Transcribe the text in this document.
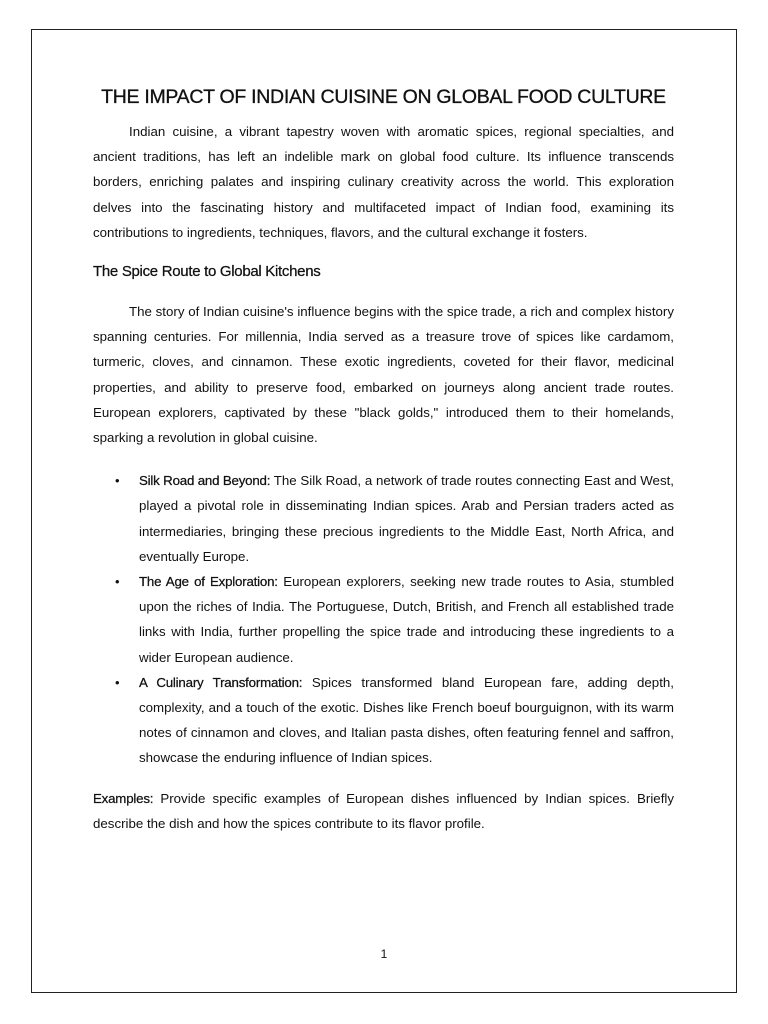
THE IMPACT OF INDIAN CUISINE ON GLOBAL FOOD CULTURE

Indian cuisine, a vibrant tapestry woven with aromatic spices, regional specialties, and ancient traditions, has left an indelible mark on global food culture. Its influence transcends borders, enriching palates and inspiring culinary creativity across the world. This exploration delves into the fascinating history and multifaceted impact of Indian food, examining its contributions to ingredients, techniques, flavors, and the cultural exchange it fosters.

The Spice Route to Global Kitchens

The story of Indian cuisine's influence begins with the spice trade, a rich and complex history spanning centuries. For millennia, India served as a treasure trove of spices like cardamom, turmeric, cloves, and cinnamon. These exotic ingredients, coveted for their flavor, medicinal properties, and ability to preserve food, embarked on journeys along ancient trade routes. European explorers, captivated by these "black golds," introduced them to their homelands, sparking a revolution in global cuisine.

• Silk Road and Beyond: The Silk Road, a network of trade routes connecting East and West, played a pivotal role in disseminating Indian spices. Arab and Persian traders acted as intermediaries, bringing these precious ingredients to the Middle East, North Africa, and eventually Europe.
• The Age of Exploration: European explorers, seeking new trade routes to Asia, stumbled upon the riches of India. The Portuguese, Dutch, British, and French all established trade links with India, further propelling the spice trade and introducing these ingredients to a wider European audience.
• A Culinary Transformation: Spices transformed bland European fare, adding depth, complexity, and a touch of the exotic. Dishes like French boeuf bourguignon, with its warm notes of cinnamon and cloves, and Italian pasta dishes, often featuring fennel and saffron, showcase the enduring influence of Indian spices.

Examples: Provide specific examples of European dishes influenced by Indian spices. Briefly describe the dish and how the spices contribute to its flavor profile.

1
